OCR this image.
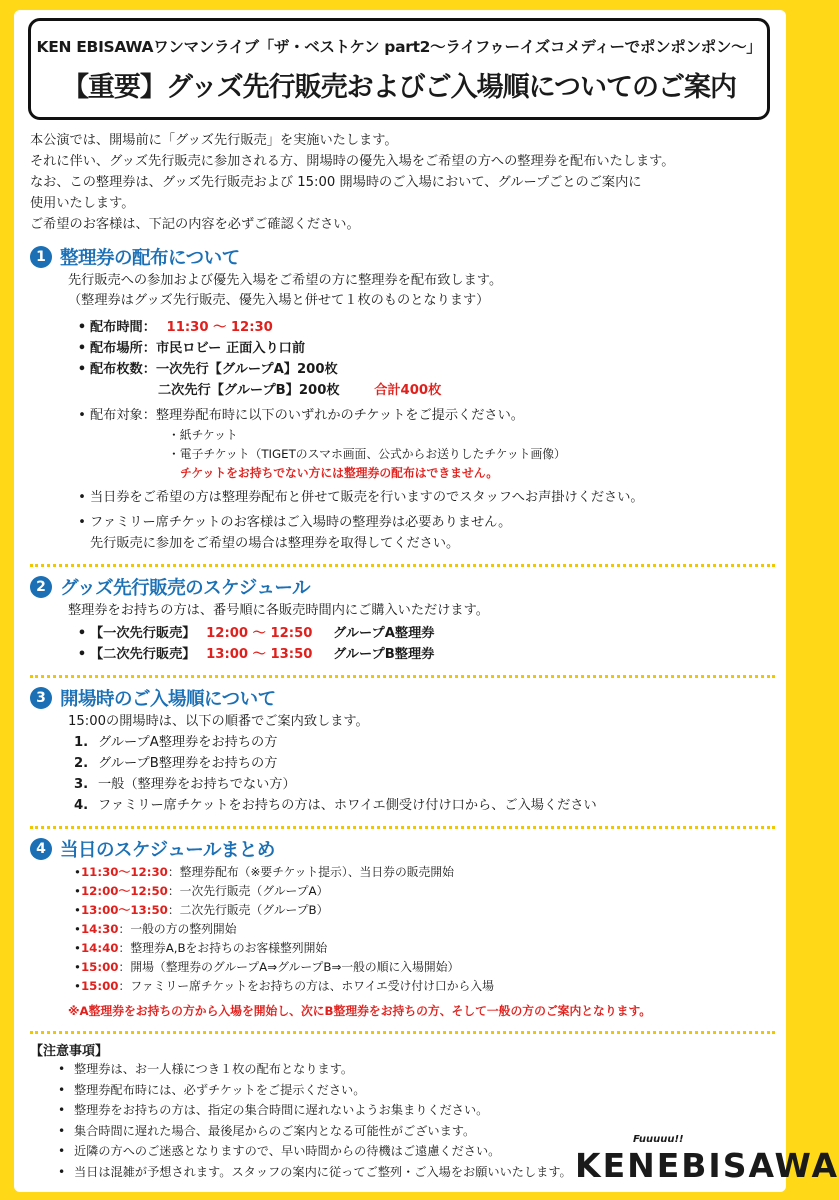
KEN EBISAWAワンマンライブ「ザ・ベストケン part2〜ライフゥーイズコメディーでポンポンポン〜」
【重要】グッズ先行販売およびご入場順についてのご案内

本公演では、開場前に「グッズ先行販売」を実施いたします。

それに伴い、グッズ先行販売に参加される方、開場時の優先入場をご希望の方への整理券を配布いたします。

なお、この整理券は、グッズ先行販売および 15:00 開場時のご入場において、グループごとのご案内に

使用いたします。

ご希望のお客様は、下記の内容を必ずご確認ください。

1 整理券の配布について
先行販売への参加および優先入場をご希望の方に整理券を配布致します。
（整理券はグッズ先行販売、優先入場と併せて１枚のものとなります）
• 配布時間： 11:30 〜 12:30
• 配布場所：市民ロビー 正面入り口前
• 配布枚数：一次先行【グループA】200枚
二次先行【グループB】200枚	合計400枚
• 配布対象：整理券配布時に以下のいずれかのチケットをご提示ください。
・紙チケット
・電子チケット（TIGETのスマホ画面、公式からお送りしたチケット画像）
チケットをお持ちでない方には整理券の配布はできません。
• 当日券をご希望の方は整理券配布と併せて販売を行いますのでスタッフへお声掛けください。
• ファミリー席チケットのお客様はご入場時の整理券は必要ありません。
先行販売に参加をご希望の場合は整理券を取得してください。
2 グッズ先行販売のスケジュール
整理券をお持ちの方は、番号順に各販売時間内にご購入いただけます。
• 【一次先行販売】 12:00 〜 12:50 グループA整理券
• 【二次先行販売】 13:00 〜 13:50 グループB整理券
3 開場時のご入場順について
15:00の開場時は、以下の順番でご案内致します。
1. グループA整理券をお持ちの方
2. グループB整理券をお持ちの方
3. 一般（整理券をお持ちでない方）
4. ファミリー席チケットをお持ちの方は、ホワイエ側受け付け口から、ご入場ください
4 当日のスケジュールまとめ
•11:30〜12:30：整理券配布（※要チケット提示）、当日券の販売開始
•12:00〜12:50：一次先行販売（グループA）
•13:00〜13:50：二次先行販売（グループB）
•14:30：一般の方の整列開始
•14:40：整理券A,Bをお持ちのお客様整列開始
•15:00：開場（整理券のグループA⇒グループB⇒一般の順に入場開始）
•15:00：ファミリー席チケットをお持ちの方は、ホワイエ受け付け口から入場
※A整理券をお持ちの方から入場を開始し、次にB整理券をお持ちの方、そして一般の方のご案内となります。
【注意事項】
• 整理券は、お一人様につき１枚の配布となります。
• 整理券配布時には、必ずチケットをご提示ください。
• 整理券をお持ちの方は、指定の集合時間に遅れないようお集まりください。
• 集合時間に遅れた場合、最後尾からのご案内となる可能性がございます。
• 近隣の方へのご迷惑となりますので、早い時間からの待機はご遠慮ください。
• 当日は混雑が予想されます。スタッフの案内に従ってご整列・ご入場をお願いいたします。
Fuuuuu!!
KENEBISAWA
